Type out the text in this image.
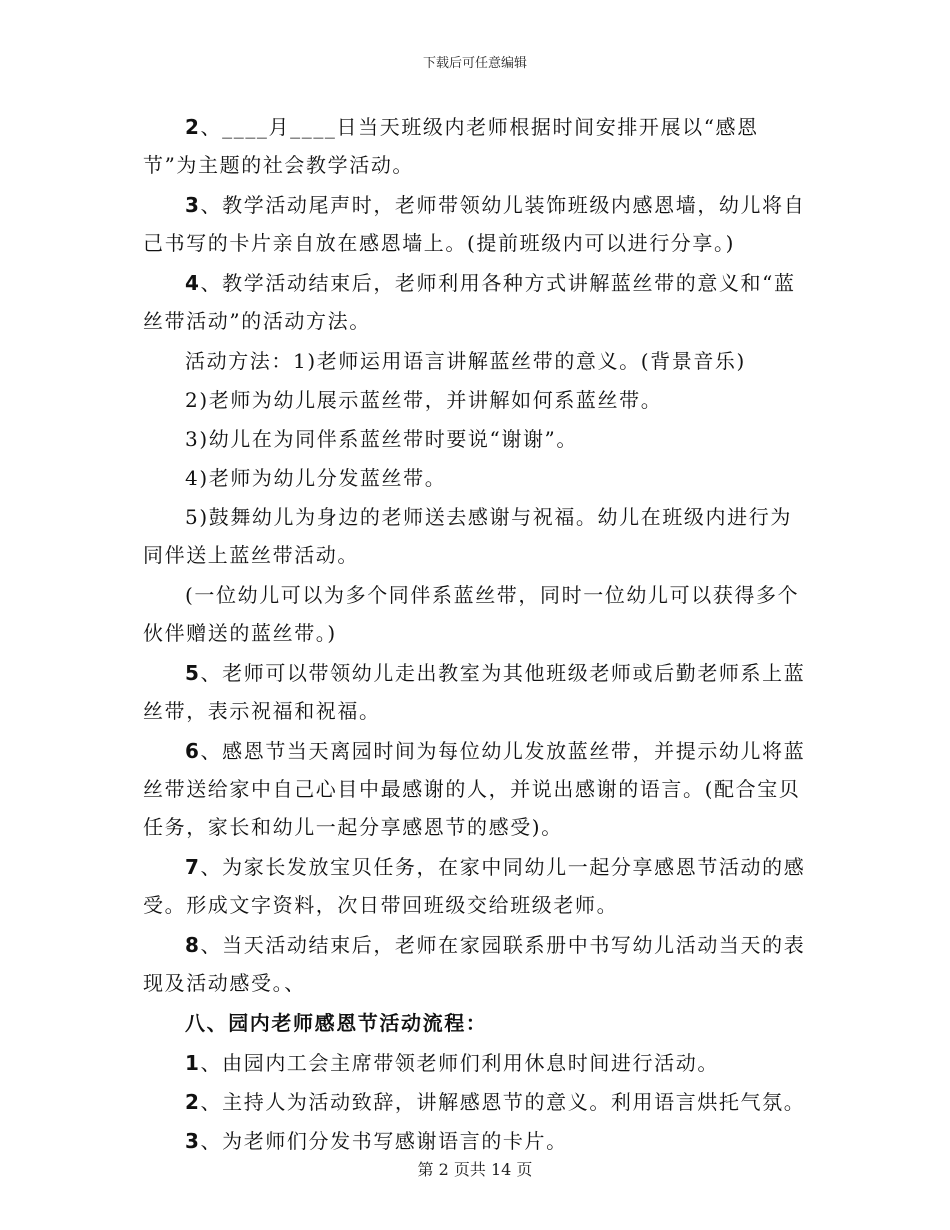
下载后可任意编辑

2、____月____日当天班级内老师根据时间安排开展以“感恩节”为主题的社会教学活动。

3、教学活动尾声时，老师带领幼儿装饰班级内感恩墙，幼儿将自己书写的卡片亲自放在感恩墙上。(提前班级内可以进行分享。)

4、教学活动结束后，老师利用各种方式讲解蓝丝带的意义和“蓝丝带活动”的活动方法。

活动方法：1)老师运用语言讲解蓝丝带的意义。(背景音乐)

2)老师为幼儿展示蓝丝带，并讲解如何系蓝丝带。

3)幼儿在为同伴系蓝丝带时要说“谢谢”。

4)老师为幼儿分发蓝丝带。

5)鼓舞幼儿为身边的老师送去感谢与祝福。幼儿在班级内进行为同伴送上蓝丝带活动。

(一位幼儿可以为多个同伴系蓝丝带，同时一位幼儿可以获得多个伙伴赠送的蓝丝带。)

5、老师可以带领幼儿走出教室为其他班级老师或后勤老师系上蓝丝带，表示祝福和祝福。

6、感恩节当天离园时间为每位幼儿发放蓝丝带，并提示幼儿将蓝丝带送给家中自己心目中最感谢的人，并说出感谢的语言。(配合宝贝任务，家长和幼儿一起分享感恩节的感受)。

7、为家长发放宝贝任务，在家中同幼儿一起分享感恩节活动的感受。形成文字资料，次日带回班级交给班级老师。

8、当天活动结束后，老师在家园联系册中书写幼儿活动当天的表现及活动感受。、

八、园内老师感恩节活动流程：

1、由园内工会主席带领老师们利用休息时间进行活动。

2、主持人为活动致辞，讲解感恩节的意义。利用语言烘托气氛。

3、为老师们分发书写感谢语言的卡片。

第 2 页共 14 页
